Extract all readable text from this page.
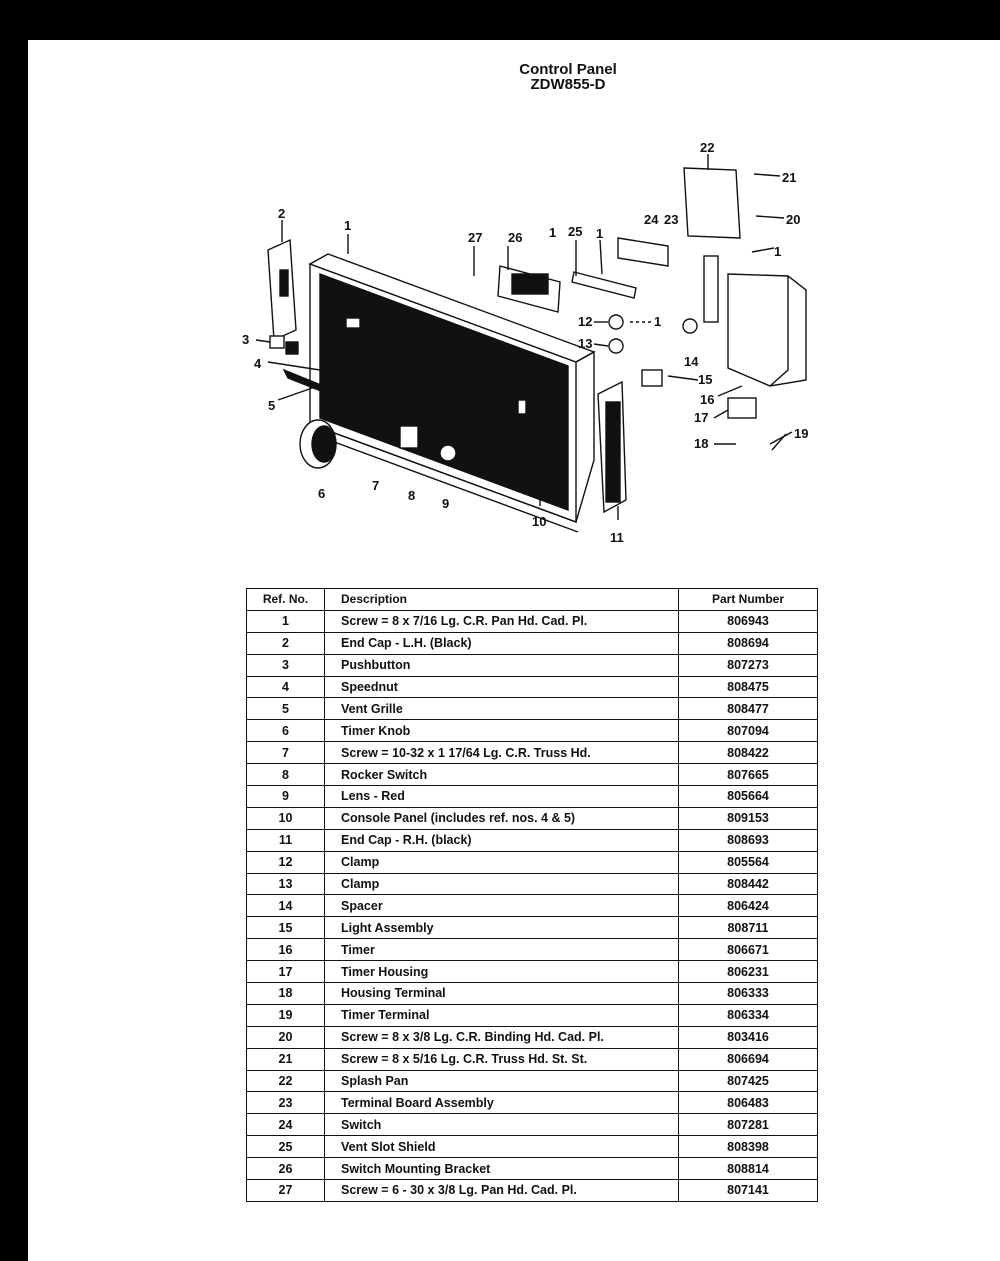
Control Panel
ZDW855-D
2
1
27 26 1 25 1
24 23
22
21
20
1
3
4
5
6
7
8
9
10
11
12
13
1
14
15
16
17
18
19
Ref. No.	Description	Part Number
1	Screw = 8 x 7/16 Lg. C.R. Pan Hd. Cad. Pl.	806943
2	End Cap - L.H. (Black)	808694
3	Pushbutton	807273
4	Speednut	808475
5	Vent Grille	808477
6	Timer Knob	807094
7	Screw = 10-32 x 1 17/64 Lg. C.R. Truss Hd.	808422
8	Rocker Switch	807665
9	Lens - Red	805664
10	Console Panel (includes ref. nos. 4 & 5)	809153
11	End Cap - R.H. (black)	808693
12	Clamp	805564
13	Clamp	808442
14	Spacer	806424
15	Light Assembly	808711
16	Timer	806671
17	Timer Housing	806231
18	Housing Terminal	806333
19	Timer Terminal	806334
20	Screw = 8 x 3/8 Lg. C.R. Binding Hd. Cad. Pl.	803416
21	Screw = 8 x 5/16 Lg. C.R. Truss Hd. St. St.	806694
22	Splash Pan	807425
23	Terminal Board Assembly	806483
24	Switch	807281
25	Vent Slot Shield	808398
26	Switch Mounting Bracket	808814
27	Screw = 6 - 30 x 3/8 Lg. Pan Hd. Cad. Pl.	807141
